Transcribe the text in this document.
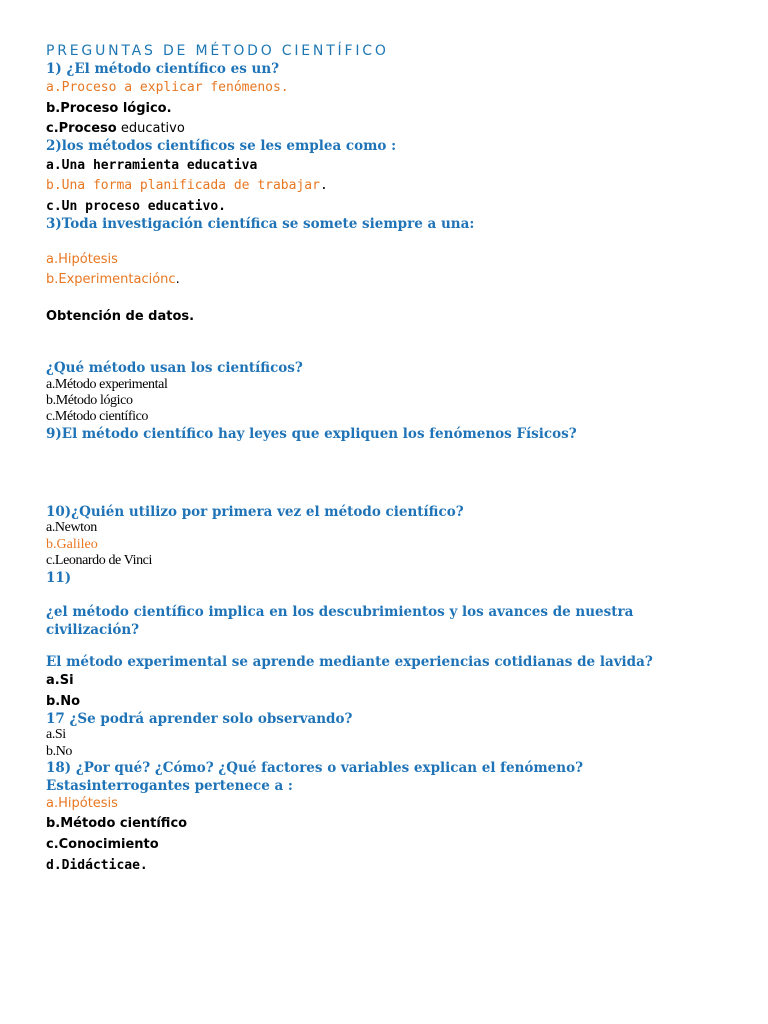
PREGUNTAS DE MÉTODO CIENTÍFICO
1) ¿El método científico es un?
a.Proceso a explicar fenómenos.
b.Proceso lógico.
c.Proceso educativo
2)los métodos científicos se les emplea como :
a.Una herramienta educativa
b.Una forma planificada de trabajar.
c.Un proceso educativo.
3)Toda investigación científica se somete siempre a una:
a.Hipótesis
b.Experimentaciónc.
Obtención de datos.
¿Qué método usan los científicos?
a.Método experimental
b.Método lógico
c.Método científico
9)El método científico hay leyes que expliquen los fenómenos Físicos?
10)¿Quién utilizo por primera vez el método científico?
a.Newton
b.Galileo
c.Leonardo de Vinci
11)
¿el método científico implica en los descubrimientos y los avances de nuestra civilización?
El método experimental se aprende mediante experiencias cotidianas de lavida?
a.Si
b.No
17 ¿Se podrá aprender solo observando?
a.Si
b.No
18) ¿Por qué? ¿Cómo? ¿Qué factores o variables explican el fenómeno?
Estasinterrogantes pertenece a :
a.Hipótesis
b.Método científico
c.Conocimiento
d.Didácticae.
